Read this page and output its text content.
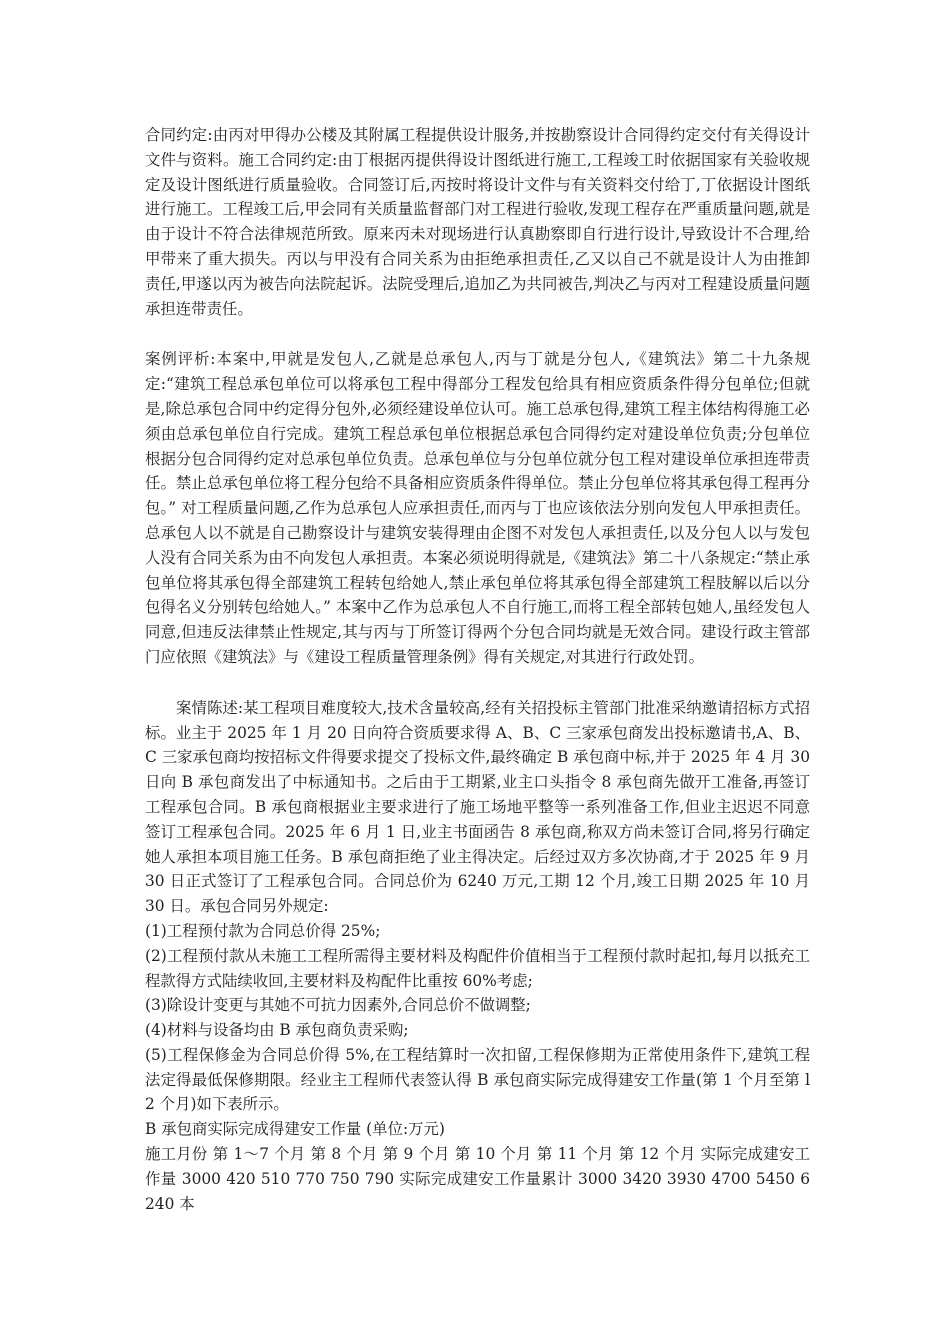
合同约定:由丙对甲得办公楼及其附属工程提供设计服务,并按勘察设计合同得约定交付有关得设计文件与资料。施工合同约定:由丁根据丙提供得设计图纸进行施工,工程竣工时依据国家有关验收规定及设计图纸进行质量验收。合同签订后,丙按时将设计文件与有关资料交付给丁,丁依据设计图纸进行施工。工程竣工后,甲会同有关质量监督部门对工程进行验收,发现工程存在严重质量问题,就是由于设计不符合法律规范所致。原来丙未对现场进行认真勘察即自行进行设计,导致设计不合理,给甲带来了重大损失。丙以与甲没有合同关系为由拒绝承担责任,乙又以自己不就是设计人为由推卸责任,甲遂以丙为被告向法院起诉。法院受理后,追加乙为共同被告,判决乙与丙对工程建设质量问题承担连带责任。

案例评析:本案中,甲就是发包人,乙就是总承包人,丙与丁就是分包人,《建筑法》第二十九条规定:“建筑工程总承包单位可以将承包工程中得部分工程发包给具有相应资质条件得分包单位;但就是,除总承包合同中约定得分包外,必须经建设单位认可。施工总承包得,建筑工程主体结构得施工必须由总承包单位自行完成。建筑工程总承包单位根据总承包合同得约定对建设单位负责;分包单位根据分包合同得约定对总承包单位负责。总承包单位与分包单位就分包工程对建设单位承担连带责任。禁止总承包单位将工程分包给不具备相应资质条件得单位。禁止分包单位将其承包得工程再分包。” 对工程质量问题,乙作为总承包人应承担责任,而丙与丁也应该依法分别向发包人甲承担责任。总承包人以不就是自己勘察设计与建筑安装得理由企图不对发包人承担责任,以及分包人以与发包人没有合同关系为由不向发包人承担责。本案必须说明得就是,《建筑法》第二十八条规定:“禁止承包单位将其承包得全部建筑工程转包给她人,禁止承包单位将其承包得全部建筑工程肢解以后以分包得名义分别转包给她人。” 本案中乙作为总承包人不自行施工,而将工程全部转包她人,虽经发包人同意,但违反法律禁止性规定,其与丙与丁所签订得两个分包合同均就是无效合同。建设行政主管部门应依照《建筑法》与《建设工程质量管理条例》得有关规定,对其进行行政处罚。

案情陈述:某工程项目难度较大,技术含量较高,经有关招投标主管部门批准采纳邀请招标方式招标。业主于 2025 年 1 月 20 日向符合资质要求得 A、B、C 三家承包商发出投标邀请书,A、B、C 三家承包商均按招标文件得要求提交了投标文件,最终确定 B 承包商中标,并于 2025 年 4 月 30 日向 B 承包商发出了中标通知书。之后由于工期紧,业主口头指令 8 承包商先做开工准备,再签订工程承包合同。B 承包商根据业主要求进行了施工场地平整等一系列准备工作,但业主迟迟不同意签订工程承包合同。2025 年 6 月 1 日,业主书面函告 8 承包商,称双方尚未签订合同,将另行确定她人承担本项目施工任务。B 承包商拒绝了业主得决定。后经过双方多次协商,才于 2025 年 9 月 30 日正式签订了工程承包合同。合同总价为 6240 万元,工期 12 个月,竣工日期 2025 年 10 月 30 日。承包合同另外规定:

(1)工程预付款为合同总价得 25%;

(2)工程预付款从未施工工程所需得主要材料及构配件价值相当于工程预付款时起扣,每月以抵充工程款得方式陆续收回,主要材料及构配件比重按 60%考虑;

(3)除设计变更与其她不可抗力因素外,合同总价不做调整;

(4)材料与设备均由 B 承包商负责采购;

(5)工程保修金为合同总价得 5%,在工程结算时一次扣留,工程保修期为正常使用条件下,建筑工程法定得最低保修期限。经业主工程师代表签认得 B 承包商实际完成得建安工作量(第 1 个月至第 l2 个月)如下表所示。

B 承包商实际完成得建安工作量 (单位:万元)

施工月份 第 1～7 个月 第 8 个月 第 9 个月 第 10 个月 第 11 个月 第 12 个月 实际完成建安工作量 3000 420 510 770 750 790 实际完成建安工作量累计 3000 3420 3930 4700 5450 6240 本
